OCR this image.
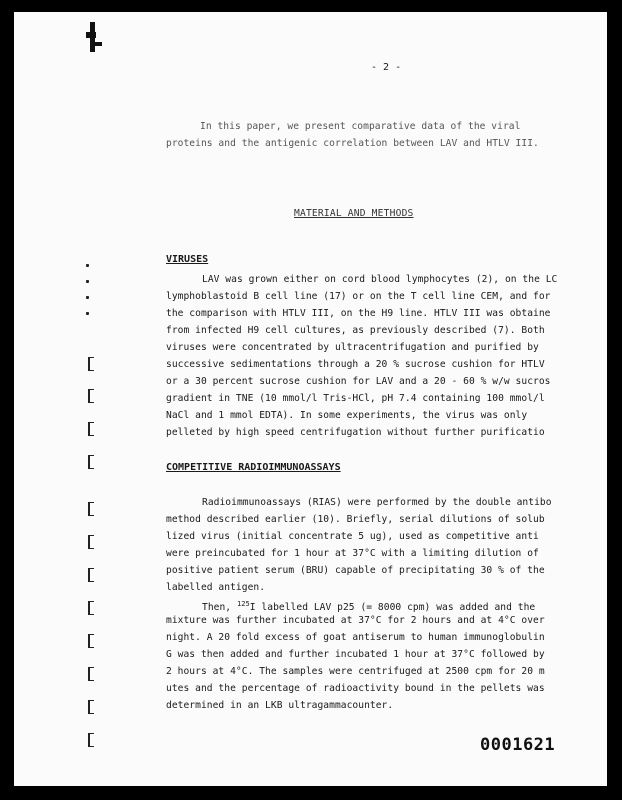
- 2 -
In this paper, we present comparative data of the viral
proteins and the antigenic correlation between LAV and HTLV III.
MATERIAL AND METHODS
VIRUSES
LAV was grown either on cord blood lymphocytes (2), on the LC
lymphoblastoid B cell line (17) or on the T cell line CEM, and for
the comparison with HTLV III, on the H9 line. HTLV III was obtaine
from infected H9 cell cultures, as previously described (7). Both
viruses were concentrated by ultracentrifugation and purified by
successive sedimentations through a 20 % sucrose cushion for HTLV
or a 30 percent sucrose cushion for LAV and a 20 - 60 % w/w sucros
gradient in TNE (10 mmol/l Tris-HCl, pH 7.4 containing 100 mmol/l
NaCl and 1 mmol EDTA). In some experiments, the virus was only
pelleted by high speed centrifugation without further purificatio
COMPETITIVE RADIOIMMUNOASSAYS
Radioimmunoassays (RIAS) were performed by the double antibo
method described earlier (10). Briefly, serial dilutions of solub
lized virus (initial concentrate 5 ug), used as competitive anti
were preincubated for 1 hour at 37°C with a limiting dilution of
positive patient serum (BRU) capable of precipitating 30 % of the
labelled antigen.
Then, $^{125}$I labelled LAV p25 (= 8000 cpm) was added and the
mixture was further incubated at 37°C for 2 hours and at 4°C over
night. A 20 fold excess of goat antiserum to human immunoglobulin
G was then added and further incubated 1 hour at 37°C followed by
2 hours at 4°C. The samples were centrifuged at 2500 cpm for 20 m
utes and the percentage of radioactivity bound in the pellets was
determined in an LKB ultragammacounter.
0001621
